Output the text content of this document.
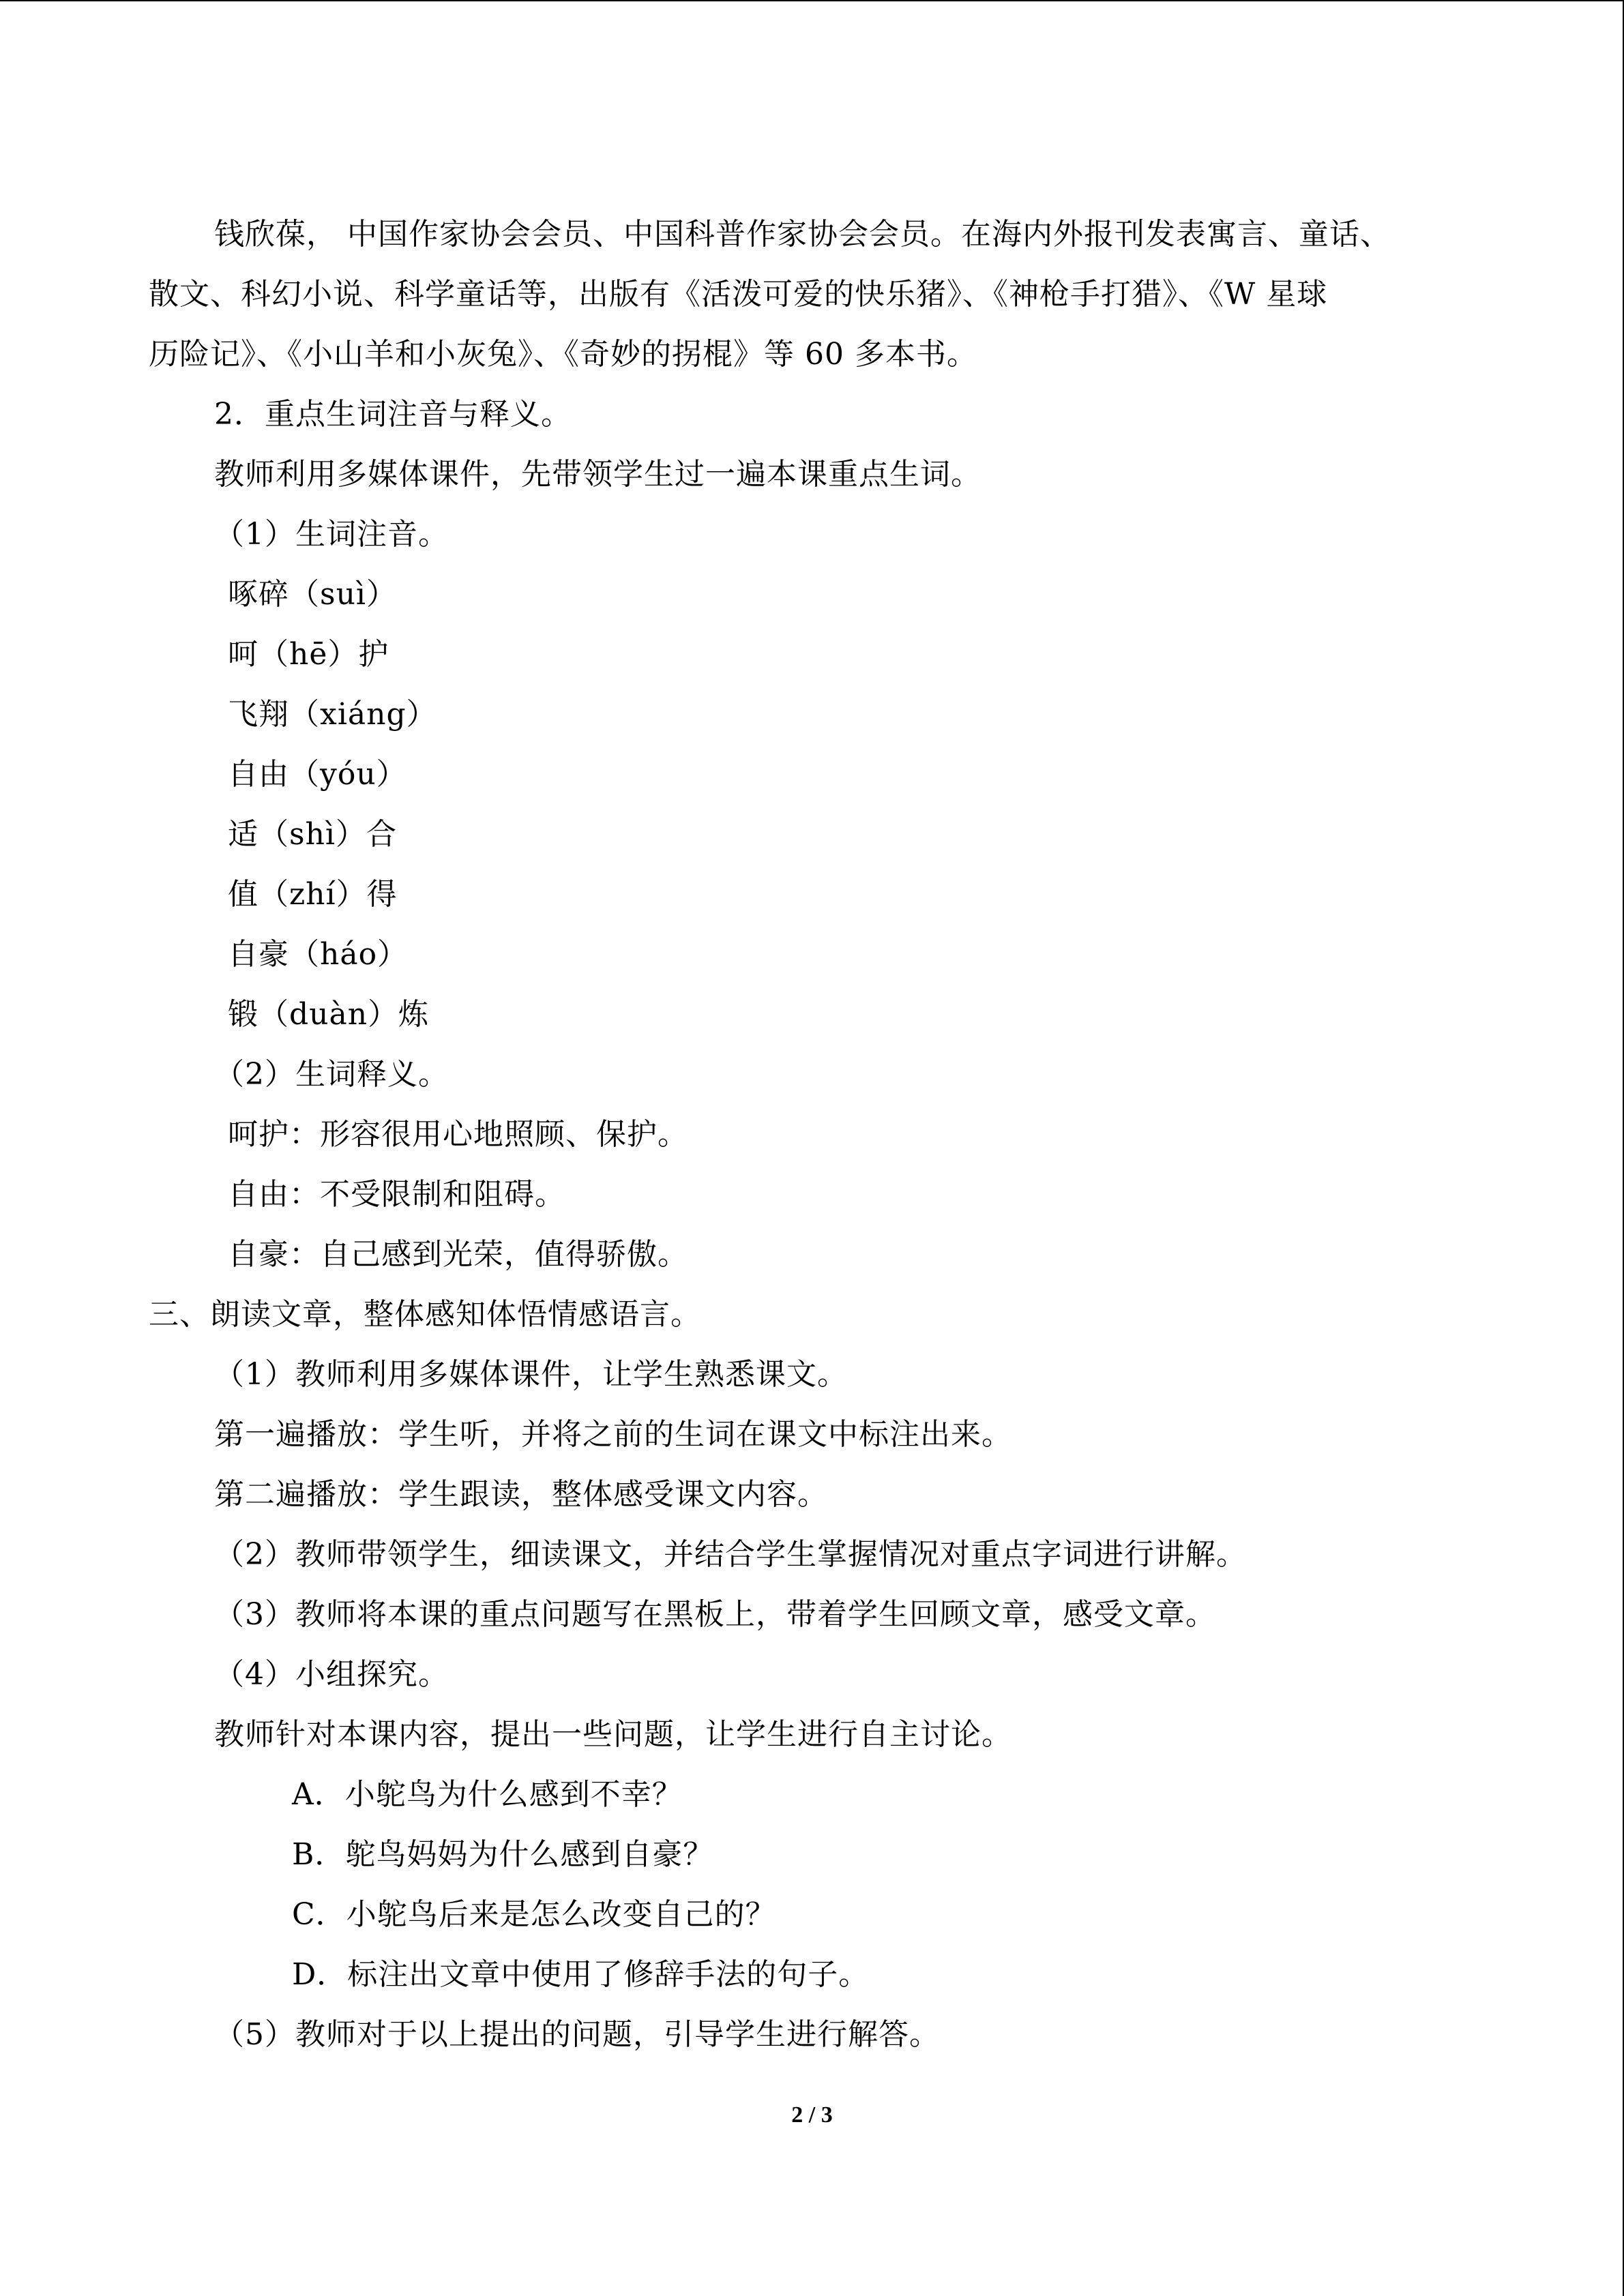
钱欣葆， 中国作家协会会员、中国科普作家协会会员。在海内外报刊发表寓言、童话、
散文、科幻小说、科学童话等，出版有《活泼可爱的快乐猪》、《神枪手打猎》、《W 星球
历险记》、《小山羊和小灰兔》、《奇妙的拐棍》等 60 多本书。
2．重点生词注音与释义。
教师利用多媒体课件，先带领学生过一遍本课重点生词。
（1）生词注音。
啄碎（suì）
呵（hē）护
飞翔（xiáng）
自由（yóu）
适（shì）合
值（zhí）得
自豪（háo）
锻（duàn）炼
（2）生词释义。
呵护：形容很用心地照顾、保护。
自由：不受限制和阻碍。
自豪：自己感到光荣，值得骄傲。
三、朗读文章，整体感知体悟情感语言。
（1）教师利用多媒体课件，让学生熟悉课文。
第一遍播放：学生听，并将之前的生词在课文中标注出来。
第二遍播放：学生跟读，整体感受课文内容。
（2）教师带领学生，细读课文，并结合学生掌握情况对重点字词进行讲解。
（3）教师将本课的重点问题写在黑板上，带着学生回顾文章，感受文章。
（4）小组探究。
教师针对本课内容，提出一些问题，让学生进行自主讨论。
A．小鸵鸟为什么感到不幸？
B．鸵鸟妈妈为什么感到自豪？
C．小鸵鸟后来是怎么改变自己的？
D．标注出文章中使用了修辞手法的句子。
（5）教师对于以上提出的问题，引导学生进行解答。
2 / 3
